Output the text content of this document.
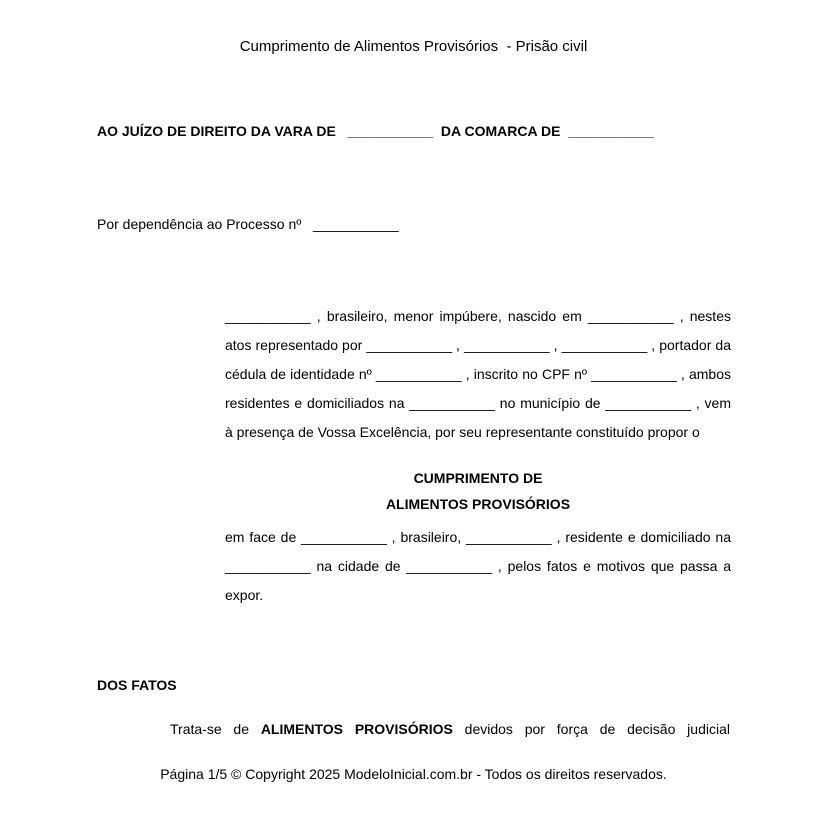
Cumprimento de Alimentos Provisórios  - Prisão civil
AO JUÍZO DE DIREITO DA VARA DE   ___________  DA COMARCA DE  ___________
Por dependência ao Processo nº   ___________
___________ , brasileiro, menor impúbere, nascido em ___________ , nestes
atos representado por ___________ , ___________ , ___________ , portador da
cédula de identidade nº ___________ , inscrito no CPF nº ___________ , ambos
residentes e domiciliados na ___________ no município de ___________ , vem
à presença de Vossa Excelência, por seu representante constituído propor o
CUMPRIMENTO DE
ALIMENTOS PROVISÓRIOS
em face de ___________ , brasileiro, ___________ , residente e domiciliado na
___________ na cidade de ___________ , pelos fatos e motivos que passa a
expor.
DOS FATOS
Trata-se de ALIMENTOS PROVISÓRIOS devidos por força de decisão judicial
Página 1/5 © Copyright 2025 ModeloInicial.com.br - Todos os direitos reservados.
